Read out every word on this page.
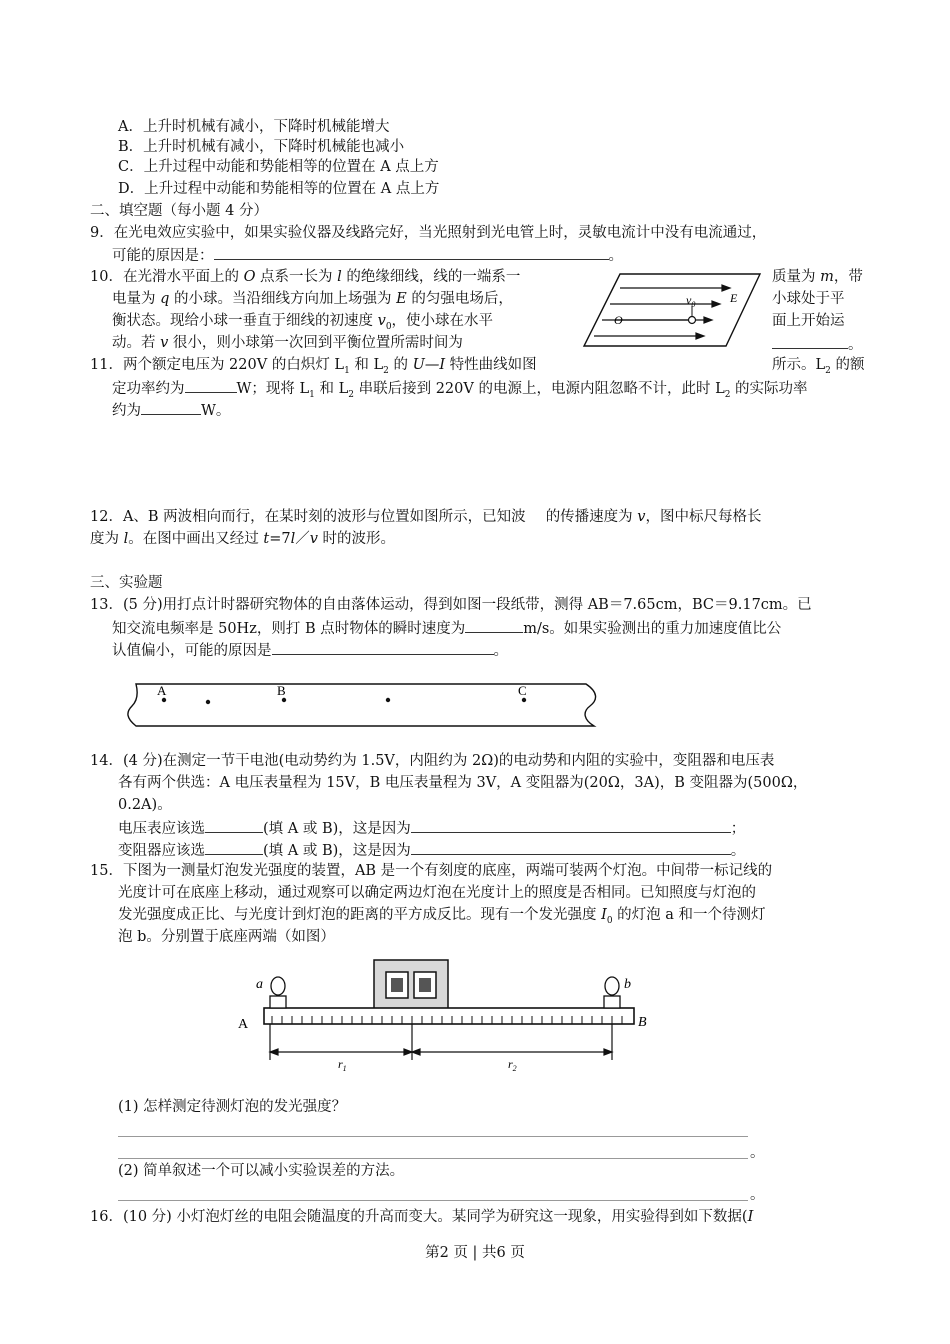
A．上升时机械有减小，下降时机械能增大
B．上升时机械有减小，下降时机械能也减小
C．上升过程中动能和势能相等的位置在 A 点上方
D．上升过程中动能和势能相等的位置在 A 点上方
二、填空题（每小题 4 分）
9．在光电效应实验中，如果实验仪器及线路完好，当光照射到光电管上时，灵敏电流计中没有电流通过，
可能的原因是：	。
10．在光滑水平面上的 O 点系一长为 l 的绝缘细线，线的一端系一	质量为 m，带
电量为 q 的小球。当沿细线方向加上场强为 E 的匀强电场后，	小球处于平
衡状态。现给小球一垂直于细线的初速度 $v_0$，使小球在水平	面上开始运
动。若 v 很小，则小球第一次回到平衡位置所需时间为	。
$v_0$	E
O
11．两个额定电压为 220V 的白炽灯 $L_1$ 和 $L_2$ 的 U—I 特性曲线如图	所示。$L_2$ 的额
定功率约为	W；现将 $L_1$ 和 $L_2$ 串联后接到 220V 的电源上，电源内阻忽略不计，此时 $L_2$ 的实际功率
约为	W。
12．A、B 两波相向而行，在某时刻的波形与位置如图所示，已知波 的传播速度为 v，图中标尺每格长
度为 l。在图中画出又经过 t=7l／v 时的波形。
三、实验题
13．(5 分)用打点计时器研究物体的自由落体运动，得到如图一段纸带，测得 AB＝7.65cm，BC＝9.17cm。已
知交流电频率是 50Hz，则打 B 点时物体的瞬时速度为	m/s。如果实验测出的重力加速度值比公
认值偏小，可能的原因是	。
A	B	C
14．(4 分)在测定一节干电池(电动势约为 1.5V，内阻约为 2Ω)的电动势和内阻的实验中，变阻器和电压表
各有两个供选：A 电压表量程为 15V，B 电压表量程为 3V，A 变阻器为(20Ω，3A)，B 变阻器为(500Ω，
0.2A)。
电压表应该选	(填 A 或 B)，这是因为	；
变阻器应该选	(填 A 或 B)，这是因为	。
15．下图为一测量灯泡发光强度的装置，AB 是一个有刻度的底座，两端可装两个灯泡。中间带一标记线的
光度计可在底座上移动，通过观察可以确定两边灯泡在光度计上的照度是否相同。已知照度与灯泡的
发光强度成正比、与光度计到灯泡的距离的平方成反比。现有一个发光强度 $I_0$ 的灯泡 a 和一个待测灯
泡 b。分别置于底座两端（如图）
a	b
A	B
$r_1$	$r_2$
(1) 怎样测定待测灯泡的发光强度？
。
(2) 简单叙述一个可以减小实验误差的方法。
。
16．(10 分) 小灯泡灯丝的电阻会随温度的升高而变大。某同学为研究这一现象，用实验得到如下数据(I
第2 页 | 共6 页
